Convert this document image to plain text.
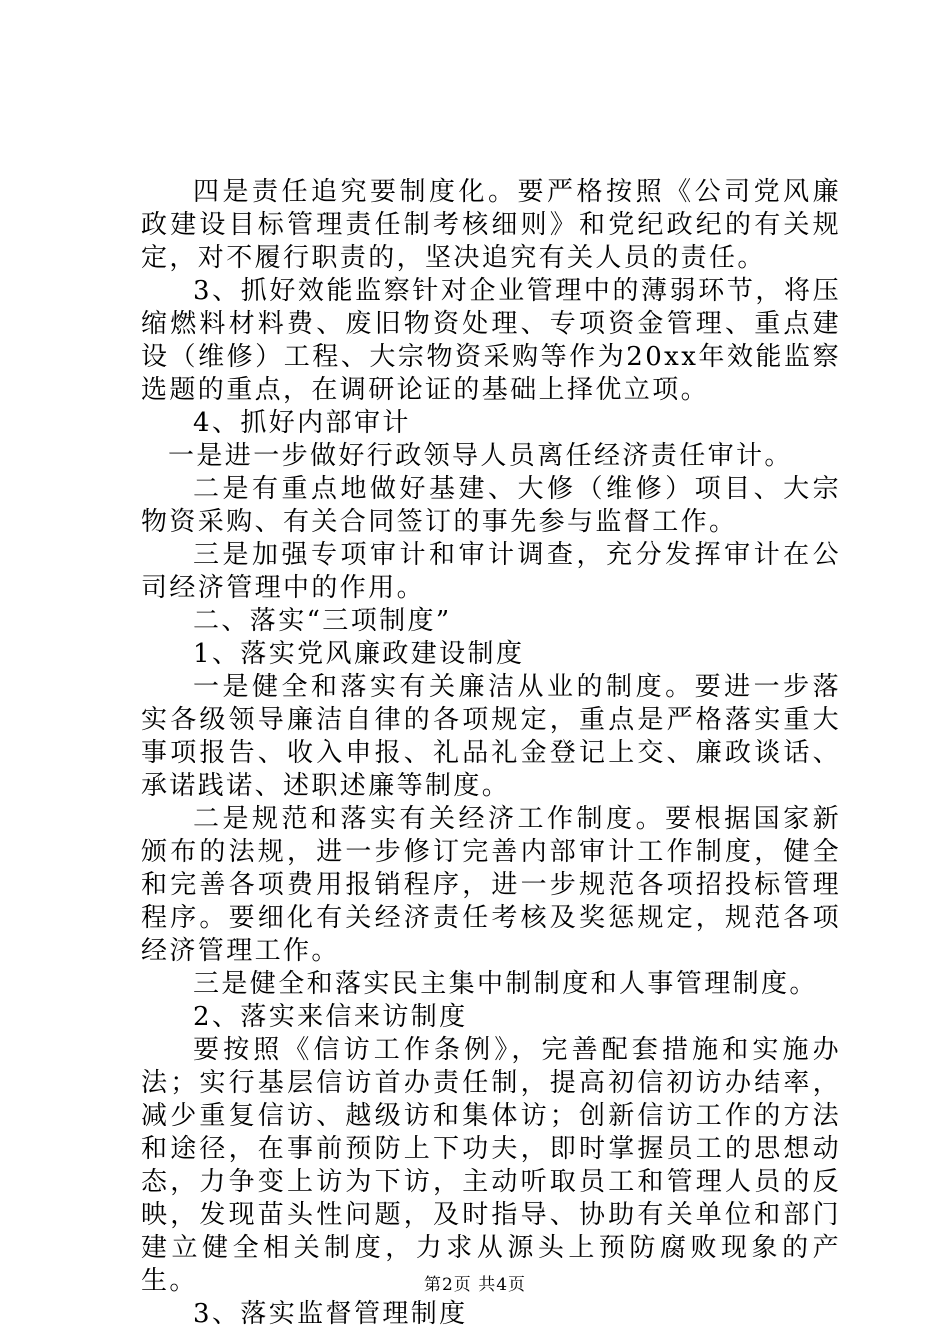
四是责任追究要制度化。要严格按照《公司党风廉政建设目标管理责任制考核细则》和党纪政纪的有关规定，对不履行职责的，坚决追究有关人员的责任。

3、抓好效能监察针对企业管理中的薄弱环节，将压缩燃料材料费、废旧物资处理、专项资金管理、重点建设（维修）工程、大宗物资采购等作为20xx年效能监察选题的重点，在调研论证的基础上择优立项。

4、抓好内部审计

一是进一步做好行政领导人员离任经济责任审计。

二是有重点地做好基建、大修（维修）项目、大宗物资采购、有关合同签订的事先参与监督工作。

三是加强专项审计和审计调查，充分发挥审计在公司经济管理中的作用。

二、落实“三项制度”

1、落实党风廉政建设制度

一是健全和落实有关廉洁从业的制度。要进一步落实各级领导廉洁自律的各项规定，重点是严格落实重大事项报告、收入申报、礼品礼金登记上交、廉政谈话、承诺践诺、述职述廉等制度。

二是规范和落实有关经济工作制度。要根据国家新颁布的法规，进一步修订完善内部审计工作制度，健全和完善各项费用报销程序，进一步规范各项招投标管理程序。要细化有关经济责任考核及奖惩规定，规范各项经济管理工作。

三是健全和落实民主集中制制度和人事管理制度。

2、落实来信来访制度

要按照《信访工作条例》，完善配套措施和实施办法；实行基层信访首办责任制，提高初信初访办结率，减少重复信访、越级访和集体访；创新信访工作的方法和途径，在事前预防上下功夫，即时掌握员工的思想动态，力争变上访为下访，主动听取员工和管理人员的反映，发现苗头性问题，及时指导、协助有关单位和部门建立健全相关制度，力求从源头上预防腐败现象的产生。

3、落实监督管理制度

第2页 共4页
